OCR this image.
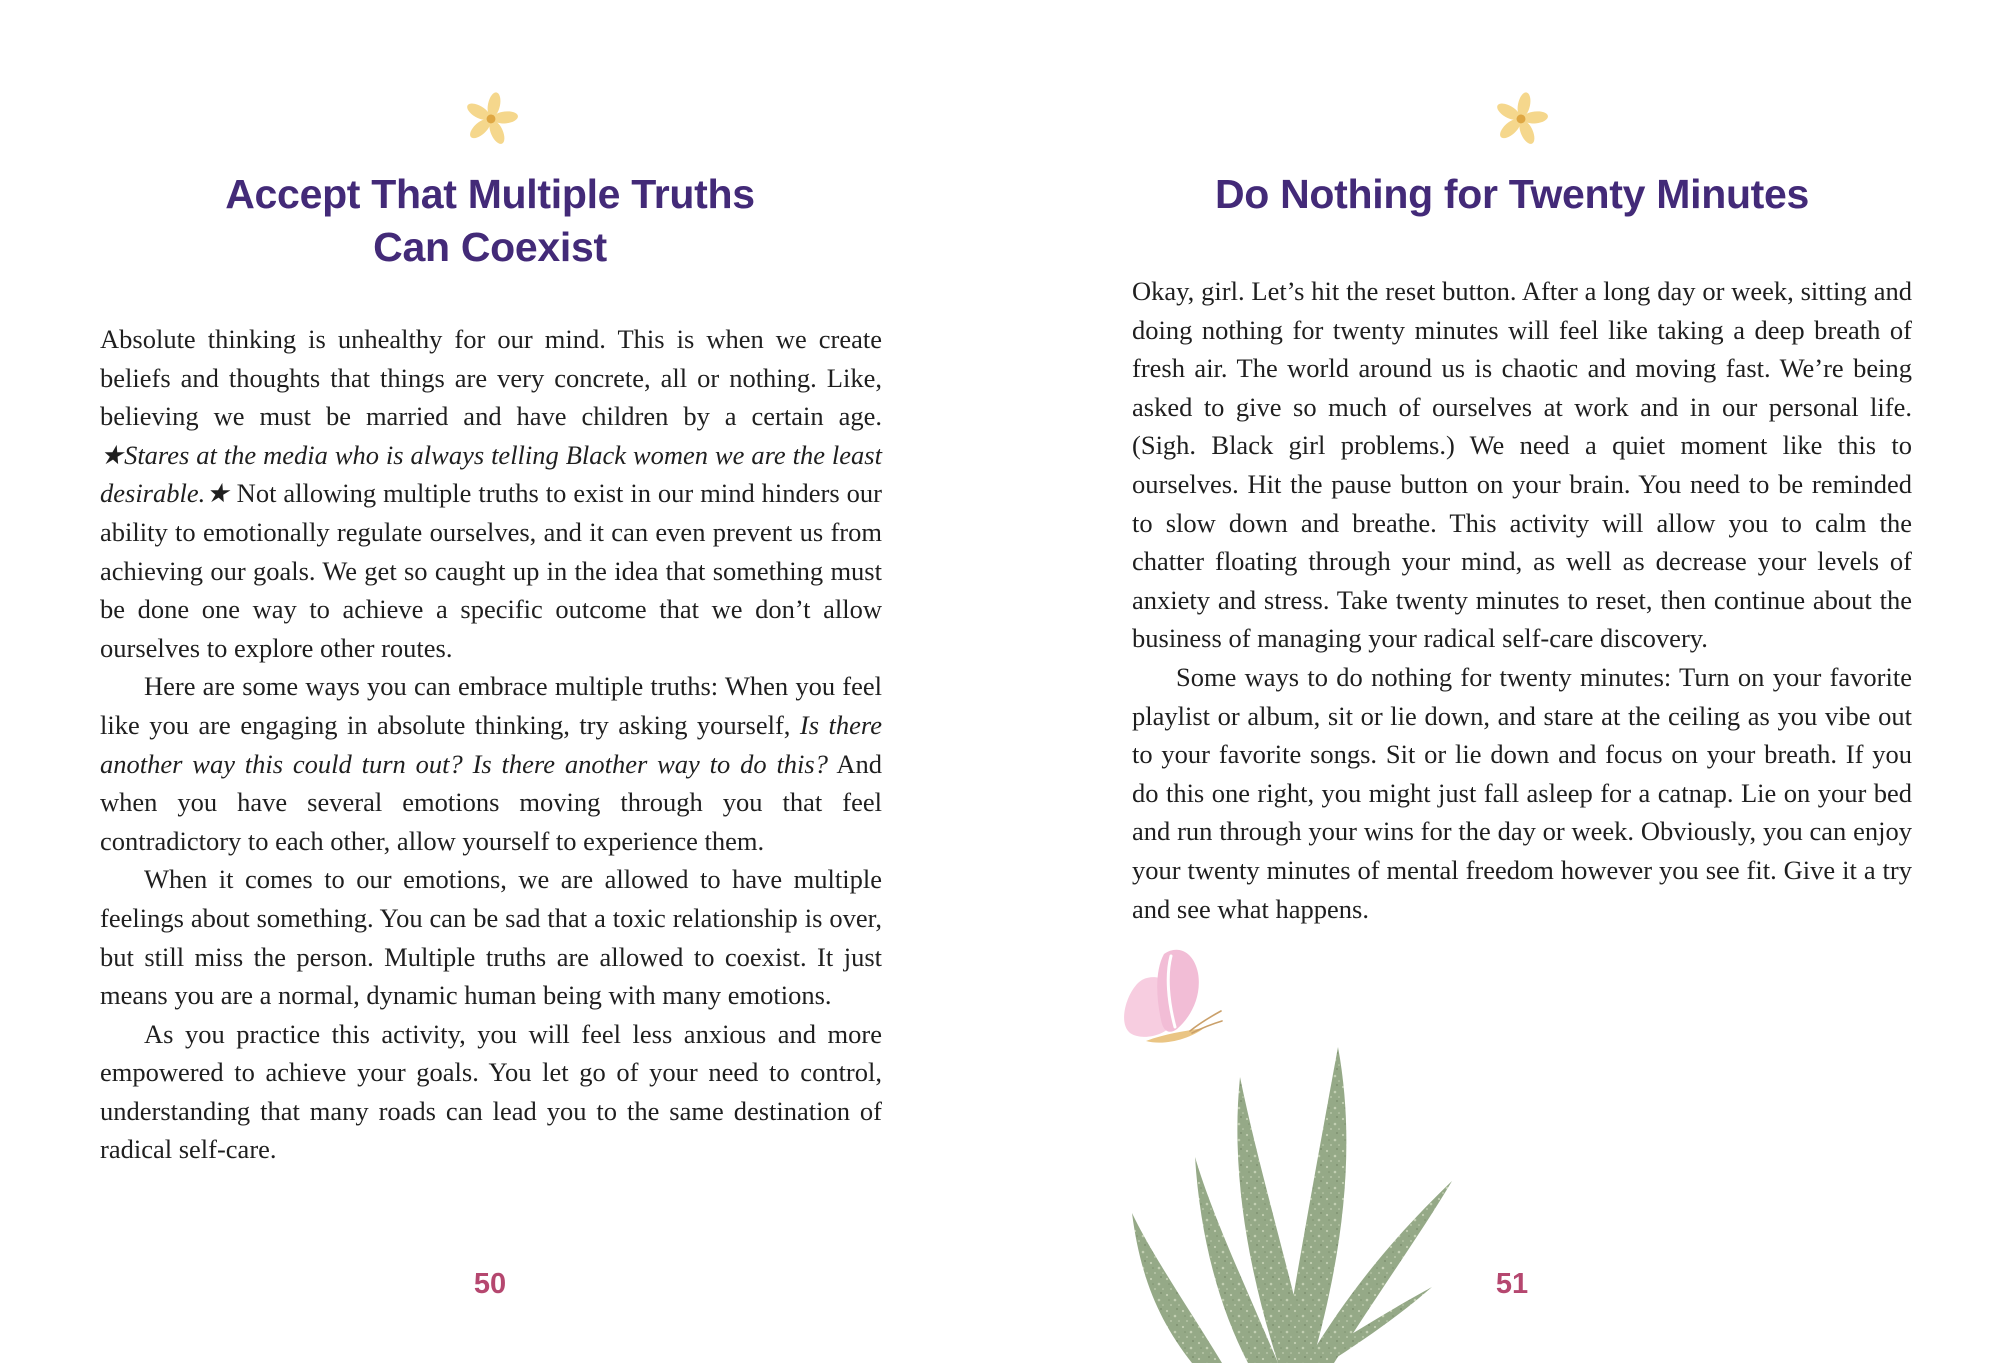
Accept That Multiple Truths
Can Coexist

Absolute thinking is unhealthy for our mind. This is when we create beliefs and thoughts that things are very concrete, all or nothing. Like, believing we must be married and have children by a certain age. ★Stares at the media who is always telling Black women we are the least desirable.★ Not allowing multiple truths to exist in our mind hinders our ability to emotionally regulate ourselves, and it can even prevent us from achieving our goals. We get so caught up in the idea that something must be done one way to achieve a specific outcome that we don’t allow ourselves to explore other routes.

Here are some ways you can embrace multiple truths: When you feel like you are engaging in absolute thinking, try asking yourself, Is there another way this could turn out? Is there another way to do this? And when you have several emotions moving through you that feel contradictory to each other, allow yourself to experience them.

When it comes to our emotions, we are allowed to have multiple feelings about something. You can be sad that a toxic relationship is over, but still miss the person. Multiple truths are allowed to coexist. It just means you are a normal, dynamic human being with many emotions.

As you practice this activity, you will feel less anxious and more empowered to achieve your goals. You let go of your need to control, understanding that many roads can lead you to the same destination of radical self-care.

50
Do Nothing for Twenty Minutes

Okay, girl. Let’s hit the reset button. After a long day or week, sitting and doing nothing for twenty minutes will feel like taking a deep breath of fresh air. The world around us is chaotic and moving fast. We’re being asked to give so much of ourselves at work and in our personal life. (Sigh. Black girl problems.) We need a quiet moment like this to ourselves. Hit the pause button on your brain. You need to be reminded to slow down and breathe. This activity will allow you to calm the chatter floating through your mind, as well as decrease your levels of anxiety and stress. Take twenty minutes to reset, then continue about the business of managing your radical self-care discovery.

Some ways to do nothing for twenty minutes: Turn on your favorite playlist or album, sit or lie down, and stare at the ceiling as you vibe out to your favorite songs. Sit or lie down and focus on your breath. If you do this one right, you might just fall asleep for a catnap. Lie on your bed and run through your wins for the day or week. Obviously, you can enjoy your twenty minutes of mental freedom however you see fit. Give it a try and see what happens.

51
